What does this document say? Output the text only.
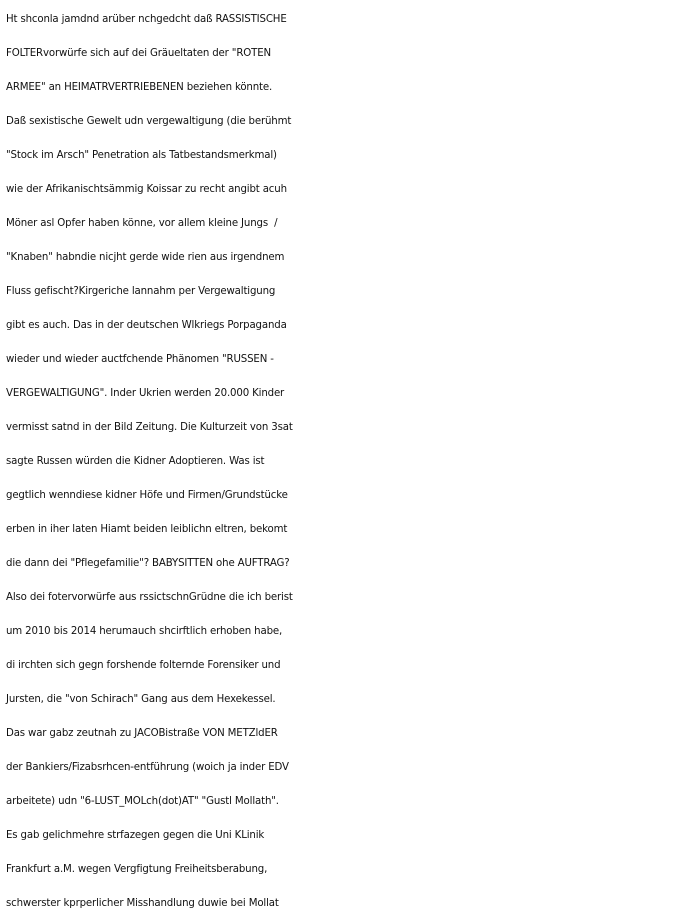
Ht shconla jamdnd arüber nchgedcht daß RASSISTISCHE
FOLTERvorwürfe sich auf dei Gräueltaten der "ROTEN
ARMEE" an HEIMATRVERTRIEBENEN beziehen könnte.
Daß sexistische Gewelt udn vergewaltigung (die berühmt
"Stock im Arsch" Penetration als Tatbestandsmerkmal)
wie der Afrikanischtsämmig Koissar zu recht angibt acuh
Möner asl Opfer haben könne, vor allem kleine Jungs  /
"Knaben" habndie nicjht gerde wide rien aus irgendnem
Fluss gefischt?Kirgeriche lannahm per Vergewaltigung
gibt es auch. Das in der deutschen Wlkriegs Porpaganda
wieder und wieder auctfchende Phänomen "RUSSEN -
VERGEWALTIGUNG". Inder Ukrien werden 20.000 Kinder
vermisst satnd in der Bild Zeitung. Die Kulturzeit von 3sat
sagte Russen würden die Kidner Adoptieren. Was ist
gegtlich wenndiese kidner Höfe und Firmen/Grundstücke
erben in iher laten Hiamt beiden leiblichn eltren, bekomt
die dann dei "Pflegefamilie"? BABYSITTEN ohe AUFTRAG?
Also dei fotervorwürfe aus rssictschnGrüdne die ich berist
um 2010 bis 2014 herumauch shcirftlich erhoben habe,
di irchten sich gegn forshende folternde Forensiker und
Jursten, die "von Schirach" Gang aus dem Hexekessel.
Das war gabz zeutnah zu JACOBistraße VON METZldER
der Bankiers/Fizabsrhcen-entführung (woich ja inder EDV
arbeitete) udn "6-LUST_MOLch(dot)AT" "Gustl Mollath".
Es gab gelichmehre strfazegen gegen die Uni KLinik
Frankfurt a.M. wegen Vergfigtung Freiheitsberabung,
schwerster kprperlicher Misshandlung duwie bei Mollat
